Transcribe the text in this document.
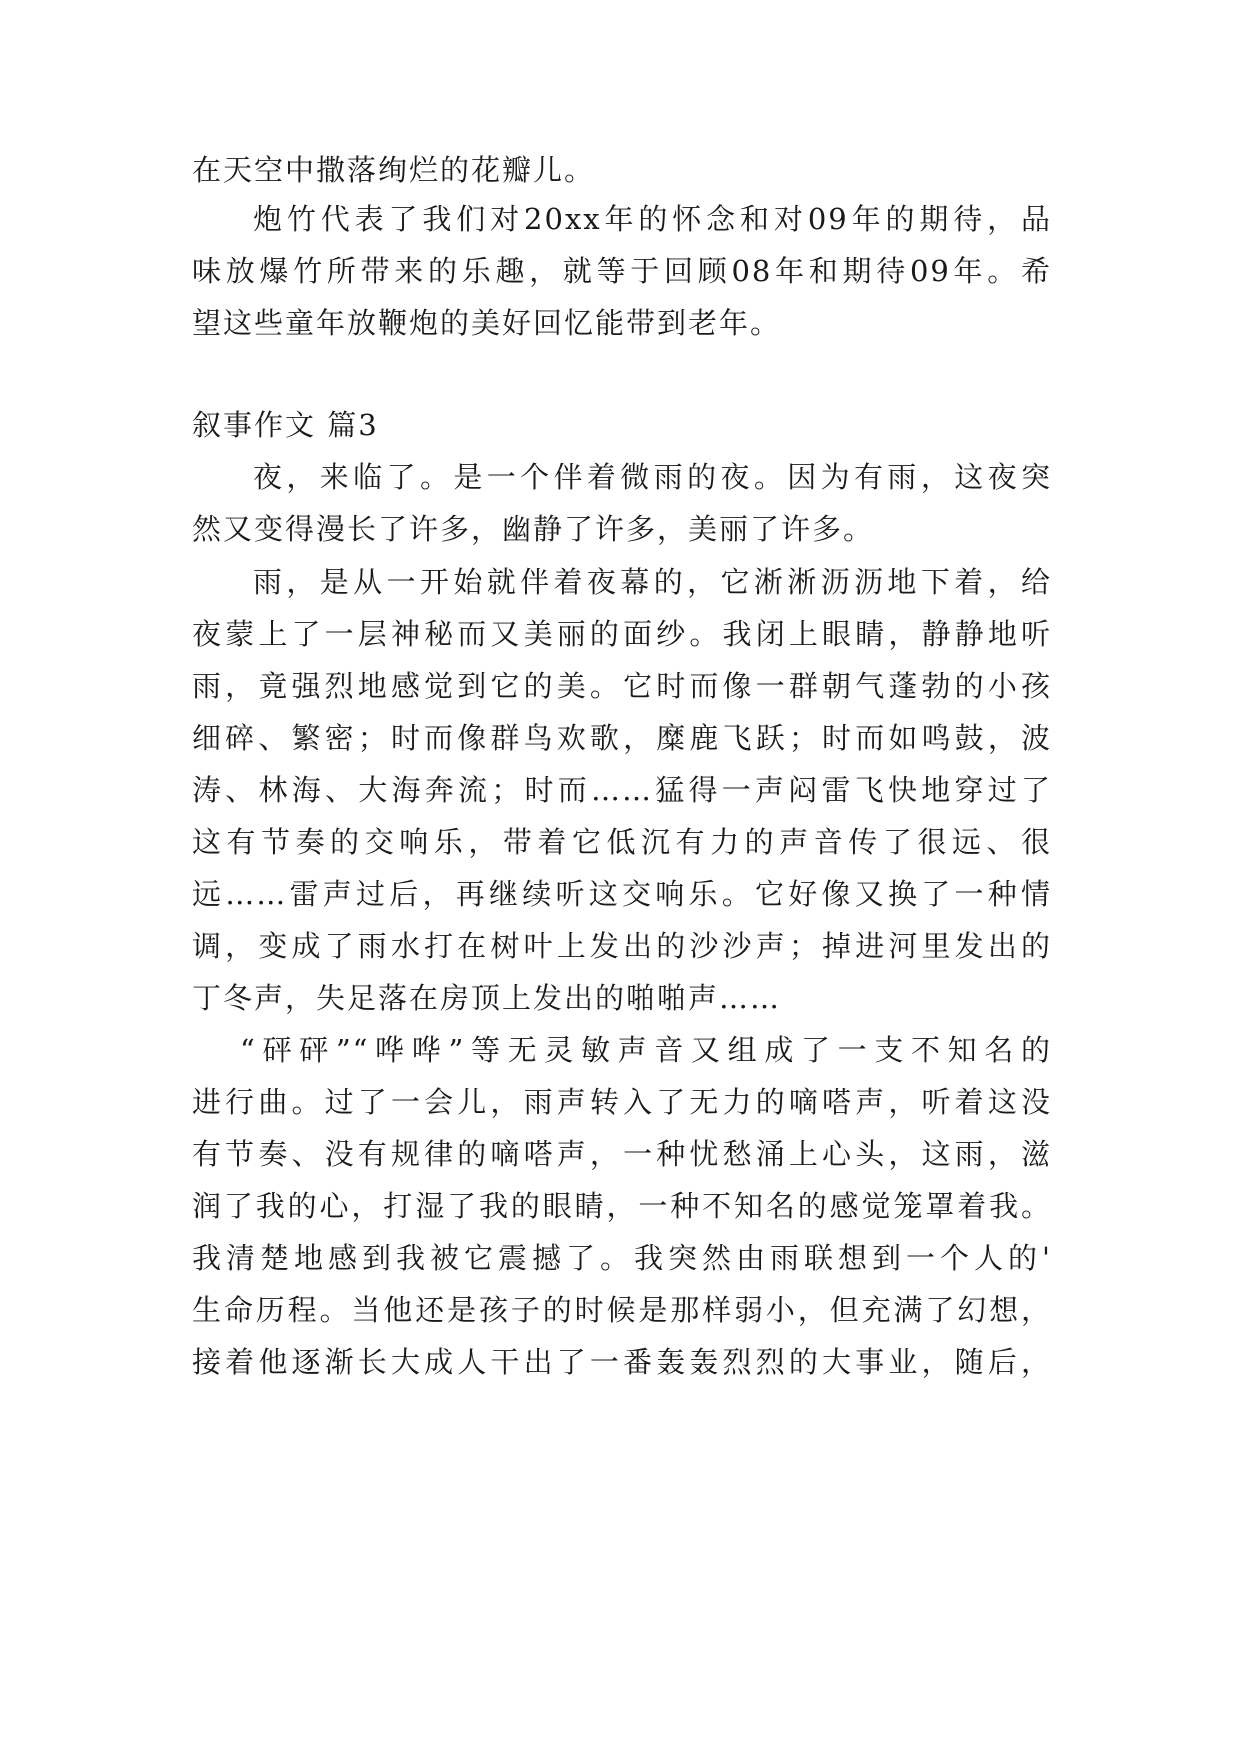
在天空中撒落绚烂的花瓣儿。
炮竹代表了我们对20xx年的怀念和对09年的期待，品
味放爆竹所带来的乐趣，就等于回顾08年和期待09年。希
望这些童年放鞭炮的美好回忆能带到老年。
叙事作文 篇3
夜，来临了。是一个伴着微雨的夜。因为有雨，这夜突
然又变得漫长了许多，幽静了许多，美丽了许多。
雨，是从一开始就伴着夜幕的，它淅淅沥沥地下着，给
夜蒙上了一层神秘而又美丽的面纱。我闭上眼睛，静静地听
雨，竟强烈地感觉到它的美。它时而像一群朝气蓬勃的小孩
细碎、繁密；时而像群鸟欢歌，糜鹿飞跃；时而如鸣鼓，波
涛、林海、大海奔流；时而……猛得一声闷雷飞快地穿过了
这有节奏的交响乐，带着它低沉有力的声音传了很远、很
远……雷声过后，再继续听这交响乐。它好像又换了一种情
调，变成了雨水打在树叶上发出的沙沙声；掉进河里发出的
丁冬声，失足落在房顶上发出的啪啪声……
“砰砰”“哗哗”等无灵敏声音又组成了一支不知名的
进行曲。过了一会儿，雨声转入了无力的嘀嗒声，听着这没
有节奏、没有规律的嘀嗒声，一种忧愁涌上心头，这雨，滋
润了我的心，打湿了我的眼睛，一种不知名的感觉笼罩着我。
我清楚地感到我被它震撼了。我突然由雨联想到一个人的'
生命历程。当他还是孩子的时候是那样弱小，但充满了幻想，
接着他逐渐长大成人干出了一番轰轰烈烈的大事业，随后，
